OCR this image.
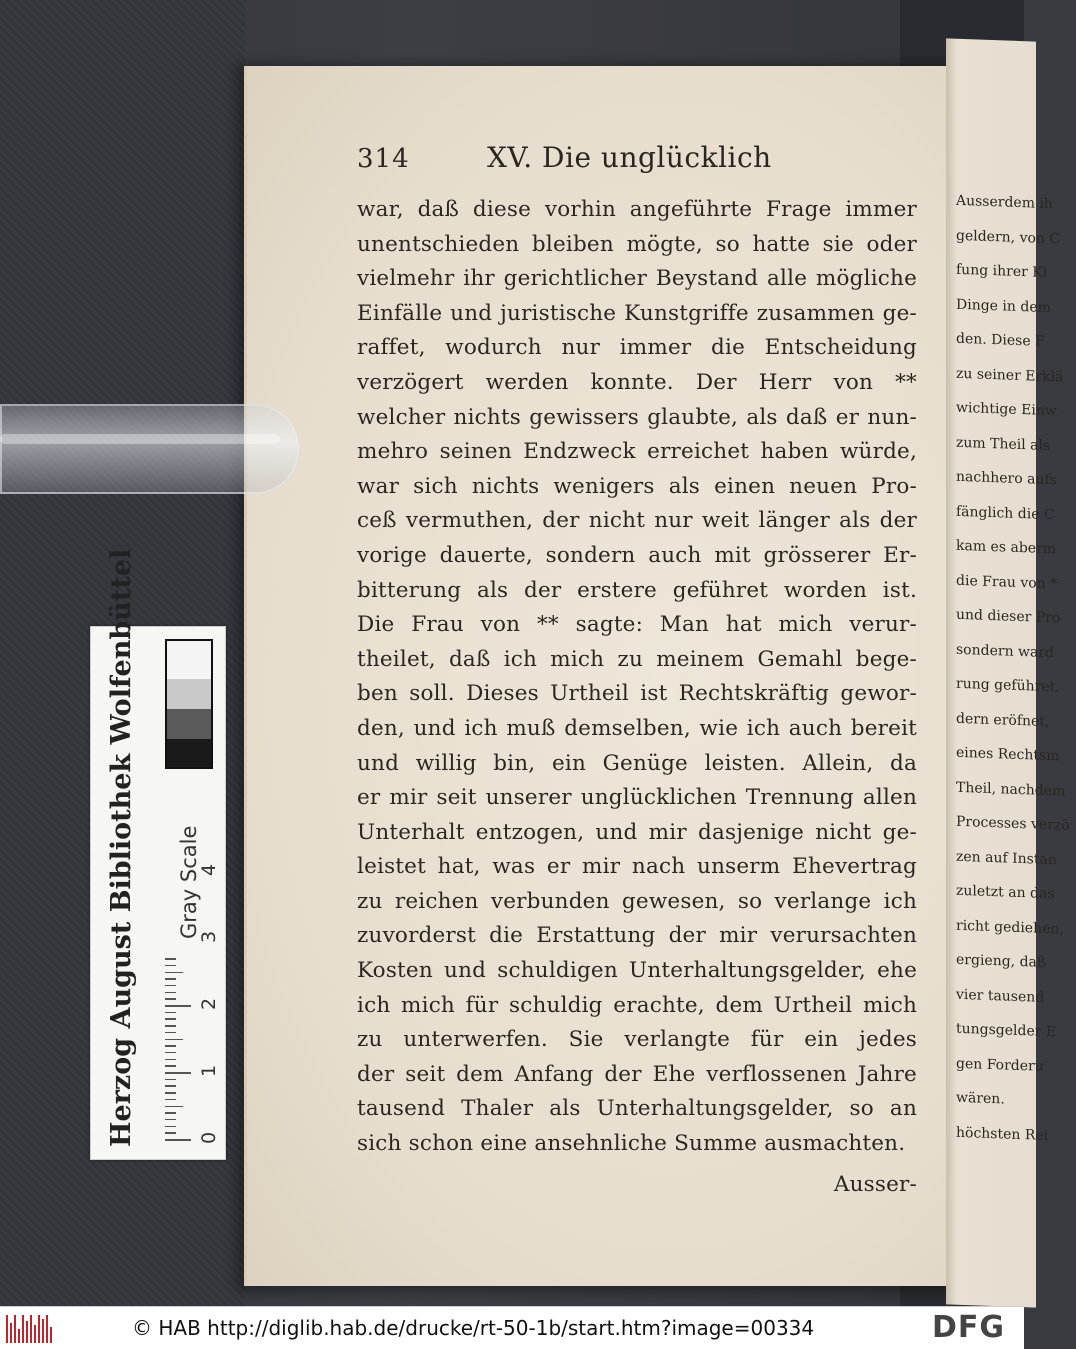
314	XV. Die unglücklich
war, daß diese vorhin angeführte Frage immer
unentschieden bleiben mögte, so hatte sie oder
vielmehr ihr gerichtlicher Beystand alle mögliche
Einfälle und juristische Kunstgriffe zusammen ge-
raffet, wodurch nur immer die Entscheidung
verzögert werden konnte. Der Herr von **
welcher nichts gewissers glaubte, als daß er nun-
mehro seinen Endzweck erreichet haben würde,
war sich nichts wenigers als einen neuen Pro-
ceß vermuthen, der nicht nur weit länger als der
vorige dauerte, sondern auch mit grösserer Er-
bitterung als der erstere geführet worden ist.
Die Frau von ** sagte: Man hat mich verur-
theilet, daß ich mich zu meinem Gemahl bege-
ben soll. Dieses Urtheil ist Rechtskräftig gewor-
den, und ich muß demselben, wie ich auch bereit
und willig bin, ein Genüge leisten. Allein, da
er mir seit unserer unglücklichen Trennung allen
Unterhalt entzogen, und mir dasjenige nicht ge-
leistet hat, was er mir nach unserm Ehevertrag
zu reichen verbunden gewesen, so verlange ich
zuvorderst die Erstattung der mir verursachten
Kosten und schuldigen Unterhaltungsgelder, ehe
ich mich für schuldig erachte, dem Urtheil mich
zu unterwerfen. Sie verlangte für ein jedes
der seit dem Anfang der Ehe verflossenen Jahre
tausend Thaler als Unterhaltungsgelder, so an
sich schon eine ansehnliche Summe ausmachten.
Ausser-
Ausserdem ih
geldern, von C
fung ihrer Kl
Dinge in dem
den. Diese F
zu seiner Erklä
wichtige Einw
zum Theil als
nachhero aufs
fänglich die C
kam es aberm
die Frau von *
und dieser Pro
sondern ward
rung geführet.
dern eröfnet,
eines Rechtsm
Theil, nachdem
Processes verzö
zen auf Instan
zuletzt an das
richt gediehen,
ergieng, daß
vier tausend
tungsgelder E
gen Forderu
wären.
höchsten Rei
Herzog August Bibliothek Wolfenbüttel	Gray Scale
0
1
2
3
4
© HAB http://diglib.hab.de/drucke/rt-50-1b/start.htm?image=00334	DFG
